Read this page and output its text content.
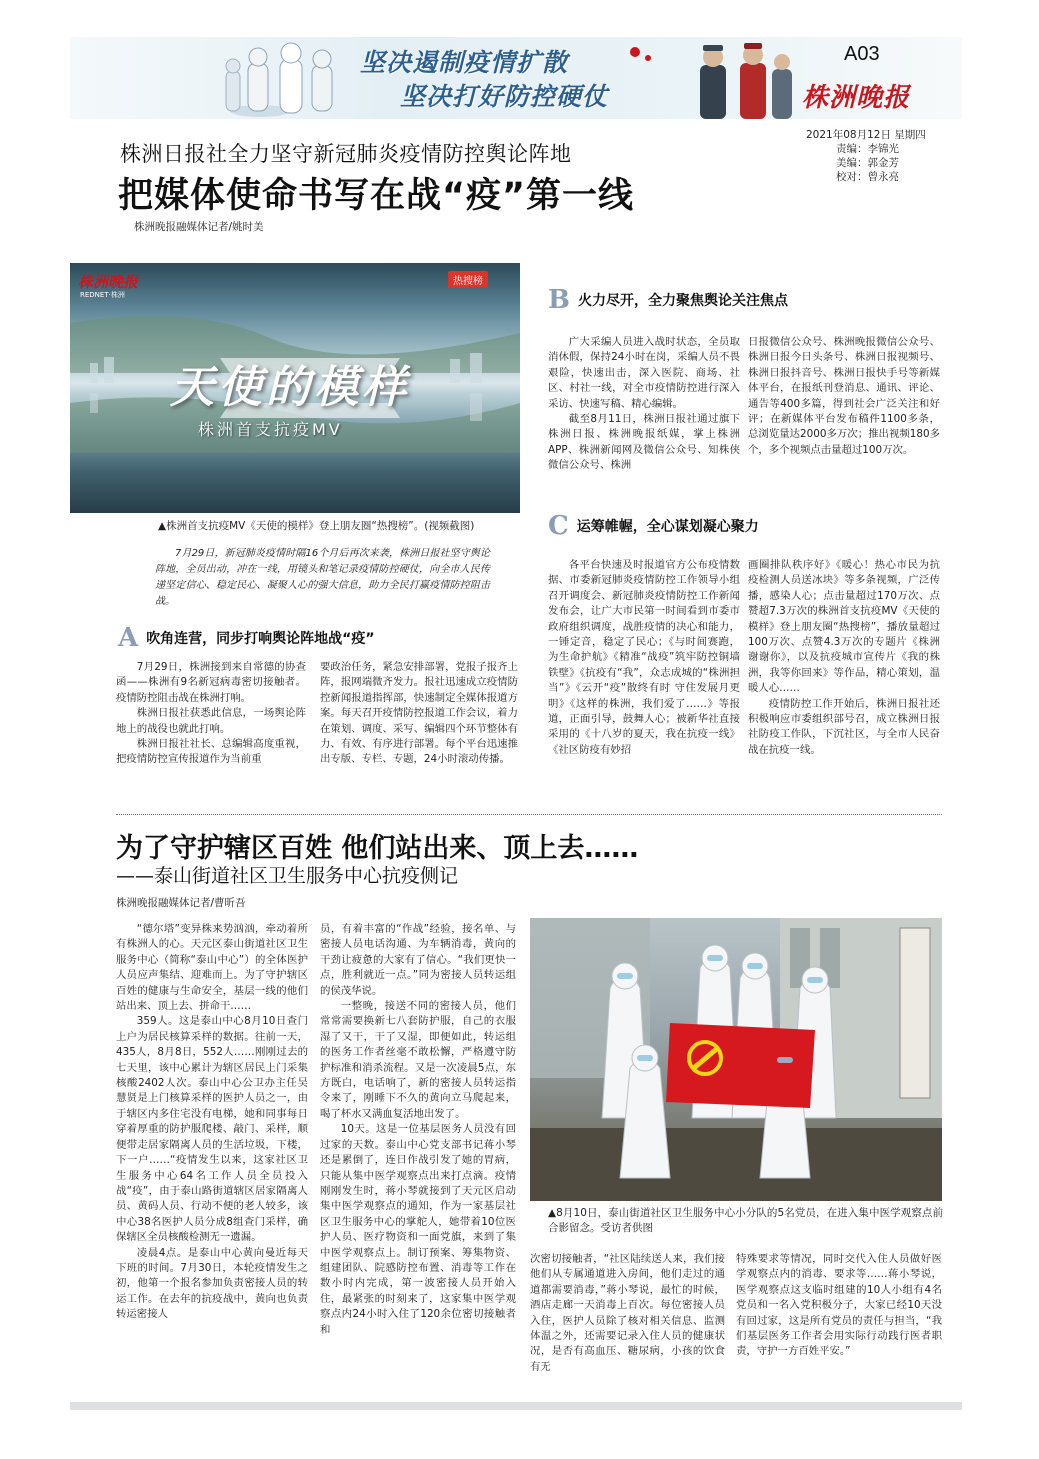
坚决遏制疫情扩散
坚决打好防控硬仗
A03
株洲晚报
2021年08月12日 星期四
责编：李锦光
美编：郭金芳
校对：曾永亮
株洲日报社全力坚守新冠肺炎疫情防控舆论阵地
把媒体使命书写在战“疫”第一线
株洲晚报融媒体记者/姚时美
株洲晚报
REDNET·株洲
热搜榜
天使的模样
株洲首支抗疫MV
▲株洲首支抗疫MV《天使的模样》登上朋友圈“热搜榜”。(视频截图)
7月29日，新冠肺炎疫情时隔16个月后再次来袭，株洲日报社坚守舆论阵地，全员出动，冲在一线，用镜头和笔记录疫情防控硬仗，向全市人民传递坚定信心、稳定民心、凝聚人心的强大信息，助力全民打赢疫情防控阻击战。
A 吹角连营，同步打响舆论阵地战“疫”

7月29日，株洲接到来自常德的协查函——株洲有9名新冠病毒密切接触者。疫情防控阻击战在株洲打响。

株洲日报社获悉此信息，一场舆论阵地上的战役也就此打响。

株洲日报社社长、总编辑高度重视，把疫情防控宣传报道作为当前重

要政治任务，紧急安排部署，党报子报齐上阵，报网端微齐发力。报社迅速成立疫情防控新闻报道指挥部，快速制定全媒体报道方案。每天召开疫情防控报道工作会议，着力在策划、调度、采写、编辑四个环节整体有力、有效、有序进行部署。每个平台迅速推出专版、专栏、专题，24小时滚动传播。

B 火力尽开，全力聚焦舆论关注焦点

广大采编人员进入战时状态，全员取消休假，保持24小时在岗，采编人员不畏艰险，快速出击，深入医院、商场、社区、村社一线，对全市疫情防控进行深入采访、快速写稿、精心编辑。

截至8月11日，株洲日报社通过旗下株洲日报、株洲晚报纸媒，掌上株洲APP、株洲新闻网及微信公众号、知株侠微信公众号、株洲

日报微信公众号、株洲晚报微信公众号、株洲日报今日头条号、株洲日报视频号、株洲日报抖音号、株洲日报快手号等新媒体平台，在报纸刊登消息、通讯、评论、通告等400多篇，得到社会广泛关注和好评；在新媒体平台发布稿件1100多条，总浏览量达2000多万次；推出视频180多个，多个视频点击量超过100万次。

C 运筹帷幄，全心谋划凝心聚力

各平台快速及时报道官方公布疫情数据、市委新冠肺炎疫情防控工作领导小组召开调度会、新冠肺炎疫情防控工作新闻发布会，让广大市民第一时间看到市委市政府组织调度，战胜疫情的决心和能力，一锤定音，稳定了民心；《与时间赛跑，为生命护航》《精准“战疫”筑牢防控铜墙铁壁》《抗疫有“我”，众志成城的“株洲担当”》《云开“疫”散终有时 守住发展月更明》《这样的株洲，我们爱了……》等报道，正面引导，鼓舞人心；被新华社直接采用的《十八岁的夏天，我在抗疫一线》《社区防疫有妙招

画圈排队秩序好》《暖心！热心市民为抗疫检测人员送冰块》等多条视频，广泛传播，感染人心；点击量超过170万次、点赞超7.3万次的株洲首支抗疫MV《天使的模样》登上朋友圈“热搜榜”，播放量超过100万次、点赞4.3万次的专题片《株洲谢谢你》，以及抗疫城市宣传片《我的株洲，我等你回来》等作品，精心策划，温暖人心……

疫情防控工作开始后，株洲日报社还积极响应市委组织部号召，成立株洲日报社防疫工作队，下沉社区，与全市人民奋战在抗疫一线。

为了守护辖区百姓 他们站出来、顶上去……
——泰山街道社区卫生服务中心抗疫侧记
株洲晚报融媒体记者/曹昕吾

“德尔塔”变异株来势汹汹，牵动着所有株洲人的心。天元区泰山街道社区卫生服务中心（简称“泰山中心”）的全体医护人员应声集结、迎难而上。为了守护辖区百姓的健康与生命安全，基层一线的他们站出来、顶上去、拼命干……

359人。这是泰山中心8月10日查门上户为居民核算采样的数据。往前一天，435人，8月8日，552人……刚刚过去的七天里，该中心累计为辖区居民上门采集核酸2402人次。泰山中心公卫办主任吴慧贤是上门核算采样的医护人员之一，由于辖区内多住宅没有电梯，她和同事每日穿着厚重的防护服爬楼、敲门、采样，顺便带走居家隔离人员的生活垃圾，下楼，下一户……“疫情发生以来，这家社区卫生服务中心64名工作人员全员投入战“疫”，由于泰山路街道辖区居家隔离人员、黄码人员、行动不便的老人较多，该中心38名医护人员分成8组查门采样，确保辖区全员核酸检测无一遗漏。

凌晨4点。是泰山中心黄向曼近每天下班的时间。7月30日，本轮疫情发生之初，他第一个报名参加负责密接人员的转运工作。在去年的抗疫战中，黄向也负责转运密接人

员，有着丰富的“作战”经验，接名单、与密接人员电话沟通、为车辆消毒，黄向的干劲让疲惫的大家有了信心。“我们更快一点，胜利就近一点。”同为密接人员转运组的侯茂华说。

一整晚，接送不同的密接人员，他们常常需要换新七八套防护服，自己的衣服湿了又干，干了又湿，即便如此，转运组的医务工作者丝毫不敢松懈，严格遵守防护标准和消杀流程。又是一次凌晨5点，东方既白，电话响了，新的密接人员转运指令来了，刚睡下不久的黄向立马爬起来，喝了杯水又满血复活地出发了。

10天。这是一位基层医务人员没有回过家的天数。泰山中心党支部书记蒋小琴还是累倒了，连日作战引发了她的胃病，只能从集中医学观察点出来打点滴。疫情刚刚发生时，蒋小琴就接到了天元区启动集中医学观察点的通知，作为一家基层社区卫生服务中心的掌舵人，她带着10位医护人员、医疗物资和一面党旗，来到了集中医学观察点上。制订预案、筹集物资、组建团队、院感防控布置、消毒等工作在数小时内完成，第一波密接人员开始入住，最紧张的时刻来了，这家集中医学观察点内24小时入住了120余位密切接触者和

▲8月10日，泰山街道社区卫生服务中心小分队的5名党员，在进入集中医学观察点前合影留念。受访者供图

次密切接触者，“社区陆续送人来，我们接他们从专属通道进入房间，他们走过的通道都需要消毒，”蒋小琴说，最忙的时候，酒店走廊一天消毒上百次。每位密接人员入住，医护人员除了核对相关信息、监测体温之外，还需要记录入住人员的健康状况，是否有高血压、糖尿病，小孩的饮食有无

特殊要求等情况，同时交代入住人员做好医学观察点内的消毒、要求等……蒋小琴说，医学观察点这支临时组建的10人小组有4名党员和一名入党积极分子，大家已经10天没有回过家，这是所有党员的责任与担当，“我们基层医务工作者会用实际行动践行医者职责，守护一方百姓平安。”
